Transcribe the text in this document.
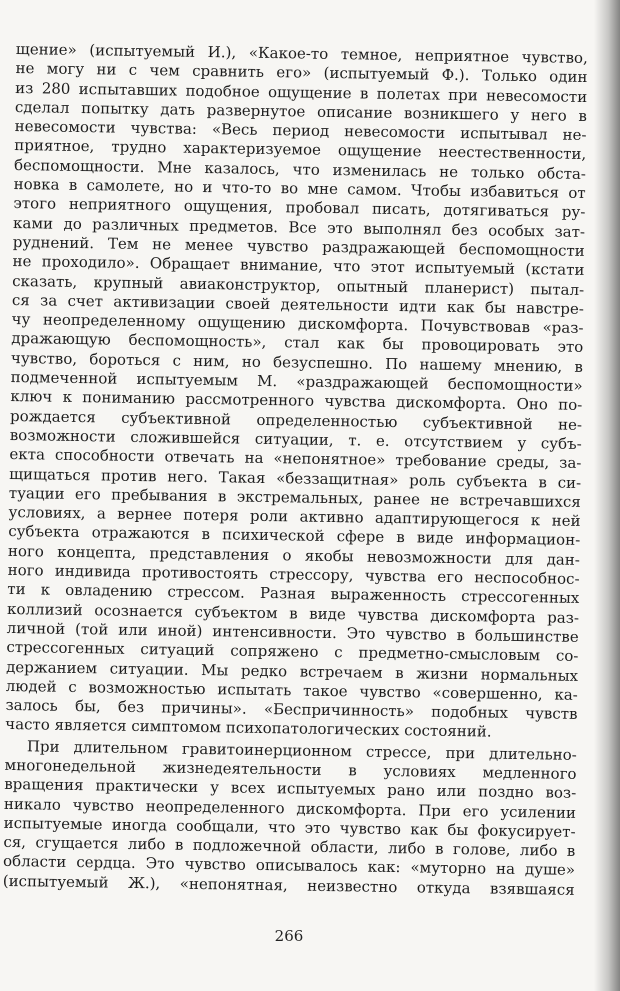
щение» (испытуемый И.), «Какое-то темное, неприятное чувство,
не могу ни с чем сравнить его» (испытуемый Ф.). Только один
из 280 испытавших подобное ощущение в полетах при невесомости
сделал попытку дать развернутое описание возникшего у него в
невесомости чувства: «Весь период невесомости испытывал не-
приятное, трудно характеризуемое ощущение неестественности,
беспомощности. Мне казалось, что изменилась не только обста-
новка в самолете, но и что-то во мне самом. Чтобы избавиться от
этого неприятного ощущения, пробовал писать, дотягиваться ру-
ками до различных предметов. Все это выполнял без особых зат-
руднений. Тем не менее чувство раздражающей беспомощности
не проходило». Обращает внимание, что этот испытуемый (кстати
сказать, крупный авиаконструктор, опытный планерист) пытал-
ся за счет активизации своей деятельности идти как бы навстре-
чу неопределенному ощущению дискомфорта. Почувствовав «раз-
дражающую беспомощность», стал как бы провоцировать это
чувство, бороться с ним, но безуспешно. По нашему мнению, в
подмеченной испытуемым М. «раздражающей беспомощности»
ключ к пониманию рассмотренного чувства дискомфорта. Оно по-
рождается субъективной определенностью субъективной не-
возможности сложившейся ситуации, т. е. отсутствием у субъ-
екта способности отвечать на «непонятное» требование среды, за-
щищаться против него. Такая «беззащитная» роль субъекта в си-
туации его пребывания в экстремальных, ранее не встречавшихся
условиях, а вернее потеря роли активно адаптирующегося к ней
субъекта отражаются в психической сфере в виде информацион-
ного концепта, представления о якобы невозможности для дан-
ного индивида противостоять стрессору, чувства его неспособнос-
ти к овладению стрессом. Разная выраженность стрессогенных
коллизий осознается субъектом в виде чувства дискомфорта раз-
личной (той или иной) интенсивности. Это чувство в большинстве
стрессогенных ситуаций сопряжено с предметно-смысловым со-
держанием ситуации. Мы редко встречаем в жизни нормальных
людей с возможностью испытать такое чувство «совершенно, ка-
залось бы, без причины». «Беспричинность» подобных чувств
часто является симптомом психопатологических состояний.
При длительном гравитоинерционном стрессе, при длительно-
многонедельной жизнедеятельности в условиях медленного
вращения практически у всех испытуемых рано или поздно воз-
никало чувство неопределенного дискомфорта. При его усилении
испытуемые иногда сообщали, что это чувство как бы фокусирует-
ся, сгущается либо в подложечной области, либо в голове, либо в
области сердца. Это чувство описывалось как: «муторно на душе»
(испытуемый Ж.), «непонятная, неизвестно откуда взявшаяся
266
